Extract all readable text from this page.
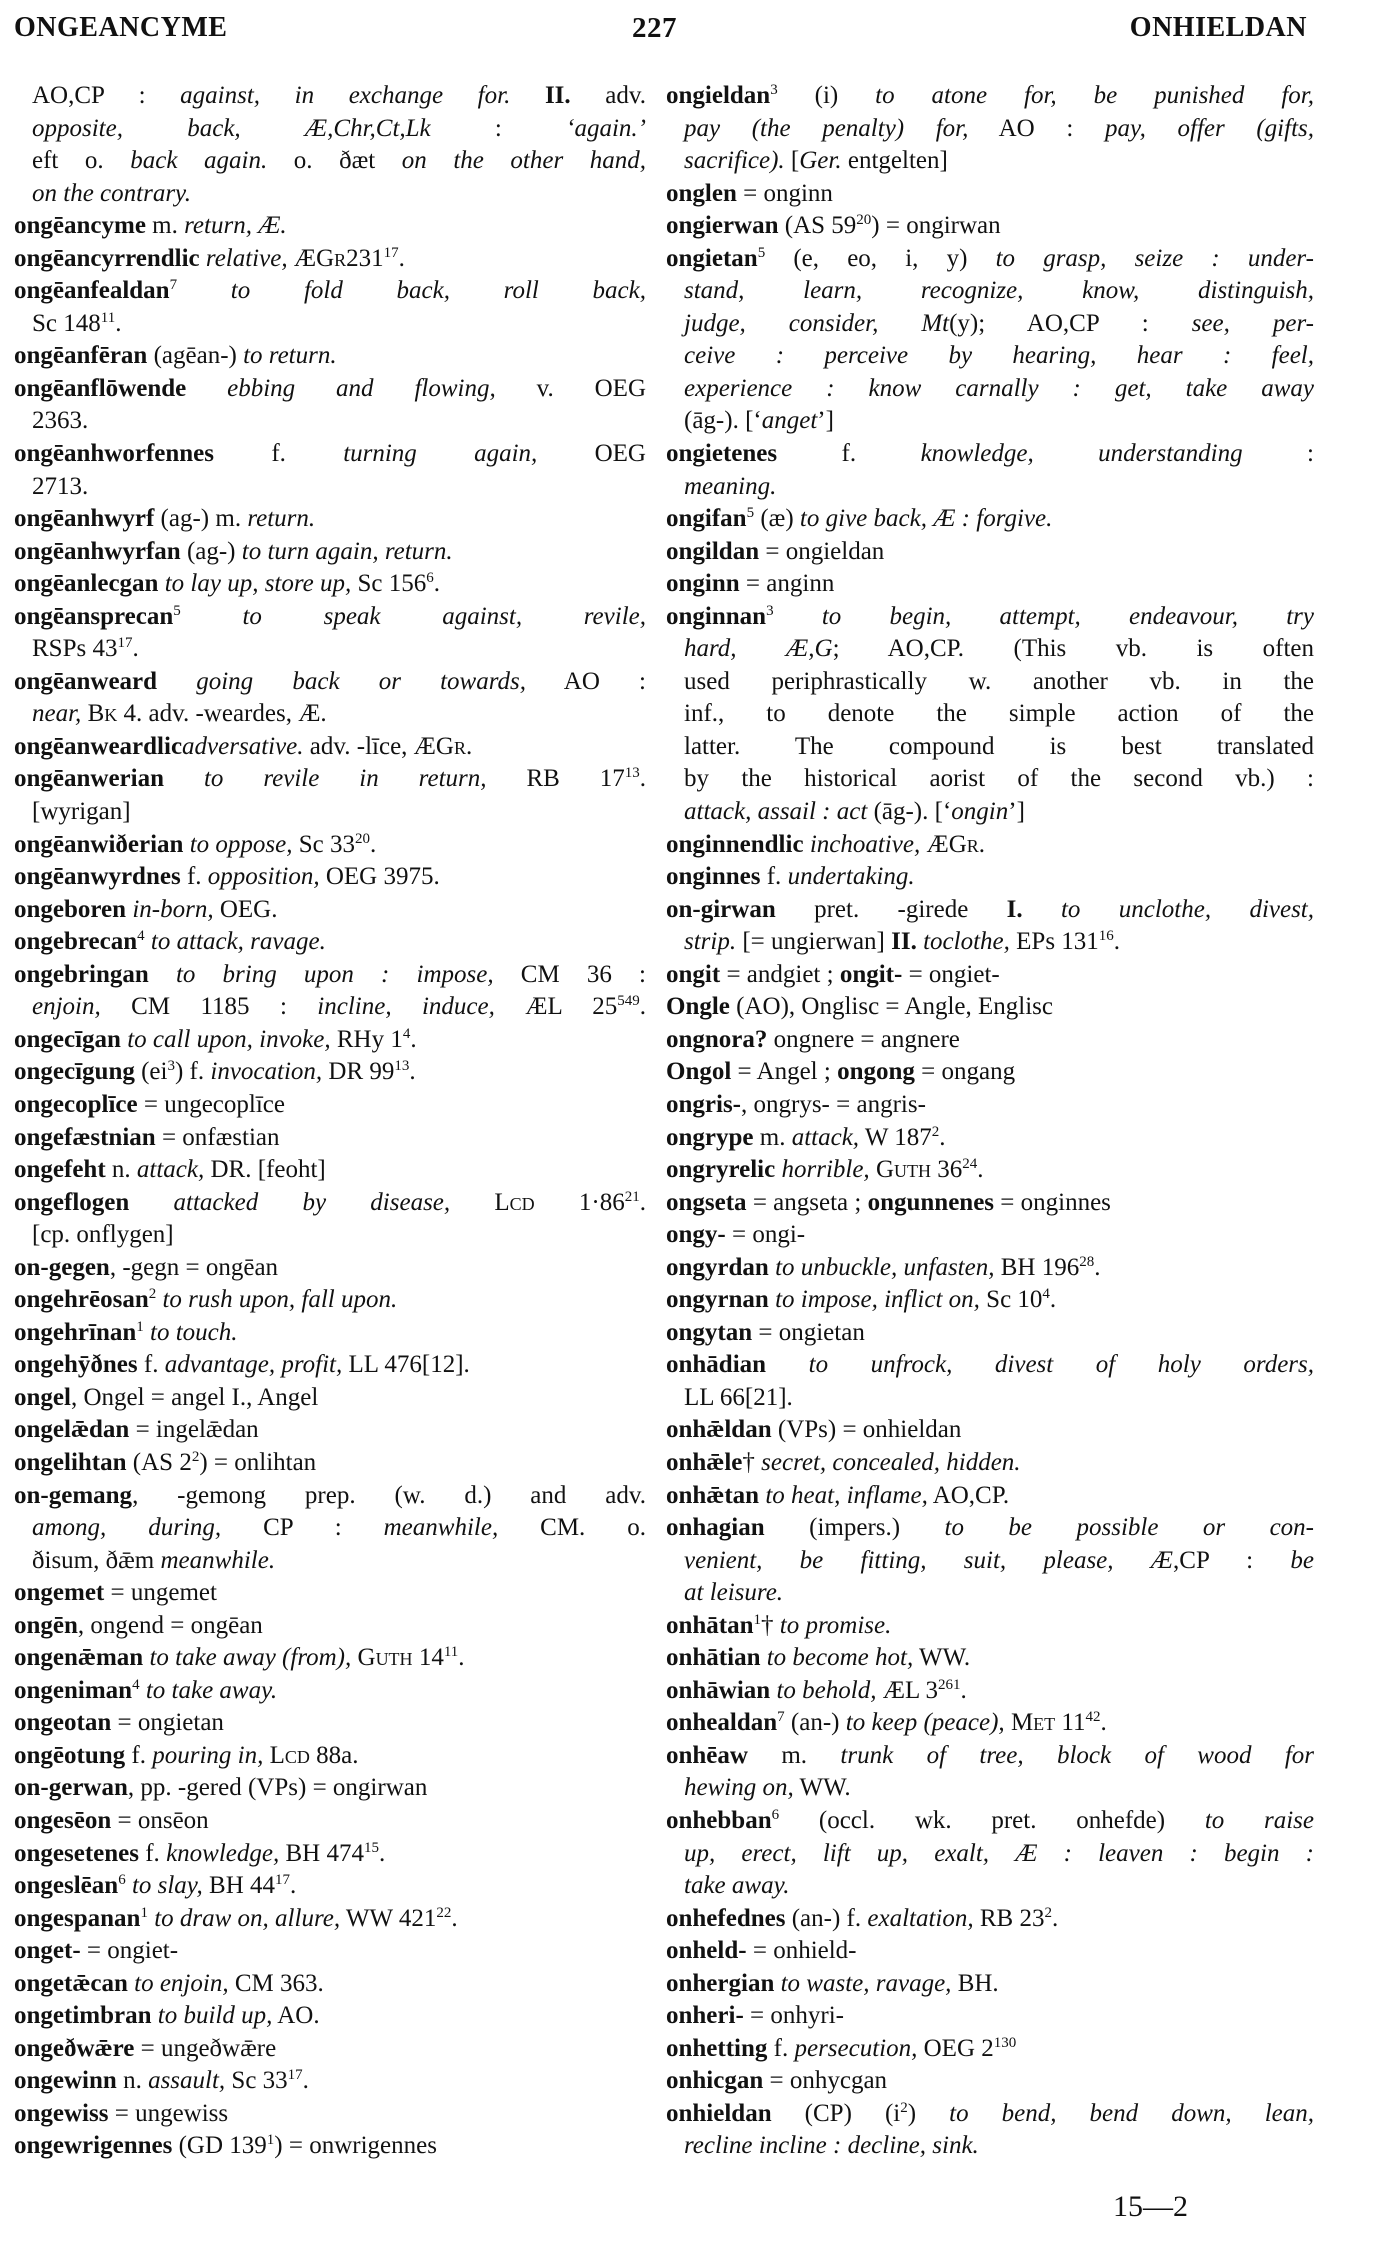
ONGEANCYME	227	ONHIELDAN
AO,CP : against, in exchange for. II. adv.
opposite, back, Æ,Chr,Ct,Lk : ‘again.’
eft o. back again. o. ðæt on the other hand,
on the contrary.
ongēancyme m. return, Æ.
ongēancyrrendlic relative, $ÆGr231^{17}$.
ongēanfealdan$^7$ to fold back, roll back,
Sc $148^{11}$.
ongēanfēran (agēan-) to return.
ongēanflōwende ebbing and flowing, v. OEG
2363.
ongēanhworfennes f. turning again, OEG
2713.
ongēanhwyrf (ag-) m. return.
ongēanhwyrfan (ag-) to turn again, return.
ongēanlecgan to lay up, store up, Sc $156^6$.
ongēansprecan$^5$ to speak against, revile,
RSPs $43^{17}$.
ongēanweard going back or towards, AO :
near, Bk 4. adv. -weardes, Æ.
ongēanweardlicadversative. adv. -līce, ÆGr.
ongēanwerian to revile in return, RB $17^{13}$.
[wyrigan]
ongēanwiðerian to oppose, Sc $33^{20}$.
ongēanwyrdnes f. opposition, OEG 3975.
ongeboren in-born, OEG.
ongebrecan$^4$ to attack, ravage.
ongebringan to bring upon : impose, CM 36 :
enjoin, CM 1185 : incline, induce, ÆL $25^{549}$.
ongecīgan to call upon, invoke, RHy $1^4$.
ongecīgung $(ei^3)$ f. invocation, DR $99^{13}$.
ongecoplīce = ungecoplīce
ongefæstnian = onfæstian
ongefeht n. attack, DR. [feoht]
ongeflogen attacked by disease, Lcd $1\cdot 86^{21}$.
[cp. onflygen]
on-gegen, -gegn = ongēan
ongehrēosan$^2$ to rush upon, fall upon.
ongehrīnan$^1$ to touch.
ongehȳðnes f. advantage, profit, LL 476[12].
ongel, Ongel = angel I., Angel
ongelǣdan = ingelǣdan
ongelihtan (AS $2^2$) = onlihtan
on-gemang, -gemong prep. (w. d.) and adv.
among, during, CP : meanwhile, CM. o.
ðisum, ðǣm meanwhile.
ongemet = ungemet
ongēn, ongend = ongēan
ongenǣman to take away (from), Guth $14^{11}$.
ongeniman$^4$ to take away.
ongeotan = ongietan
ongēotung f. pouring in, Lcd 88a.
on-gerwan, pp. -gered (VPs) = ongirwan
ongesēon = onsēon
ongesetenes f. knowledge, BH $474^{15}$.
ongeslēan$^6$ to slay, BH $44^{17}$.
ongespanan$^1$ to draw on, allure, WW $421^{22}$.
onget- = ongiet-
ongetǣcan to enjoin, CM 363.
ongetimbran to build up, AO.
ongeðwǣre = ungeðwǣre
ongewinn n. assault, Sc $33^{17}$.
ongewiss = ungewiss
ongewrigennes (GD $139^1$) = onwrigennes
ongieldan$^3$ (i) to atone for, be punished for,
pay (the penalty) for, AO : pay, offer (gifts,
sacrifice). [Ger. entgelten]
onglen = onginn
ongierwan (AS $59^{20}$) = ongirwan
ongietan$^5$ (e, eo, i, y) to grasp, seize : under-
stand, learn, recognize, know, distinguish,
judge, consider, Mt(y); AO,CP : see, per-
ceive : perceive by hearing, hear : feel,
experience : know carnally : get, take away
(āg-). [‘anget’]
ongietenes f. knowledge, understanding :
meaning.
ongifan$^5$ (æ) to give back, Æ : forgive.
ongildan = ongieldan
onginn = anginn
onginnan$^3$ to begin, attempt, endeavour, try
hard, Æ,G; AO,CP. (This vb. is often
used periphrastically w. another vb. in the
inf., to denote the simple action of the
latter. The compound is best translated
by the historical aorist of the second vb.) :
attack, assail : act (āg-). [‘ongin’]
onginnendlic inchoative, ÆGr.
onginnes f. undertaking.
on-girwan pret. -girede I. to unclothe, divest,
strip. [= ungierwan] II. toclothe, EPs $131^{16}$.
ongit = andgiet ; ongit- = ongiet-
Ongle (AO), Onglisc = Angle, Englisc
ongnora? ongnere = angnere
Ongol = Angel ; ongong = ongang
ongris-, ongrys- = angris-
ongrype m. attack, W $187^2$.
ongryrelic horrible, Guth $36^{24}$.
ongseta = angseta ; ongunnenes = onginnes
ongy- = ongi-
ongyrdan to unbuckle, unfasten, BH $196^{28}$.
ongyrnan to impose, inflict on, Sc $10^4$.
ongytan = ongietan
onhādian to unfrock, divest of holy orders,
LL 66[21].
onhǣldan (VPs) = onhieldan
onhǣle† secret, concealed, hidden.
onhǣtan to heat, inflame, AO,CP.
onhagian (impers.) to be possible or con-
venient, be fitting, suit, please, Æ,CP : be
at leisure.
onhātan$^1$† to promise.
onhātian to become hot, WW.
onhāwian to behold, ÆL $3^{261}$.
onhealdan$^7$ (an-) to keep (peace), Met $11^{42}$.
onhēaw m. trunk of tree, block of wood for
hewing on, WW.
onhebban$^6$ (occl. wk. pret. onhefde) to raise
up, erect, lift up, exalt, Æ : leaven : begin :
take away.
onhefednes (an-) f. exaltation, RB $23^2$.
onheld- = onhield-
onhergian to waste, ravage, BH.
onheri- = onhyri-
onhetting f. persecution, OEG $2^{130}$
onhicgan = onhycgan
onhieldan (CP) $(i^2)$ to bend, bend down, lean,
recline incline : decline, sink.
15—2
